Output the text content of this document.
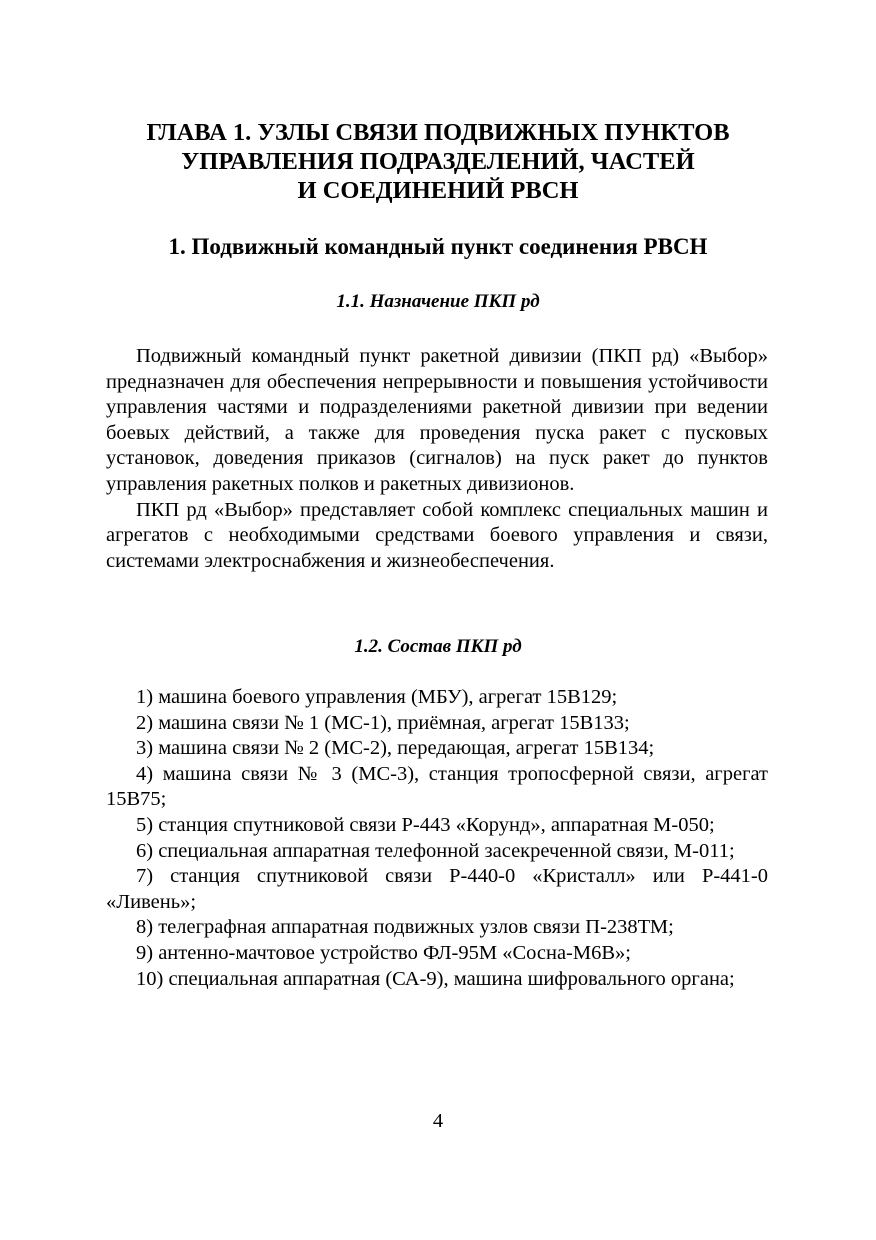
ГЛАВА 1. УЗЛЫ СВЯЗИ ПОДВИЖНЫХ ПУНКТОВ
УПРАВЛЕНИЯ ПОДРАЗДЕЛЕНИЙ, ЧАСТЕЙ
И СОЕДИНЕНИЙ РВСН
1. Подвижный командный пункт соединения РВСН
1.1. Назначение ПКП рд

Подвижный командный пункт ракетной дивизии (ПКП рд) «Выбор» предназначен для обеспечения непрерывности и повышения устойчивости управления частями и подразделениями ракетной дивизии при ведении боевых действий, а также для проведения пуска ракет с пусковых установок, доведения приказов (сигналов) на пуск ракет до пунктов управления ракетных полков и ракетных дивизионов.

ПКП рд «Выбор» представляет собой комплекс специальных машин и агрегатов с необходимыми средствами боевого управления и связи, системами электроснабжения и жизнеобеспечения.

1.2. Состав ПКП рд

1) машина боевого управления (МБУ), агрегат 15В129;

2) машина связи № 1 (МС-1), приёмная, агрегат 15В133;

3) машина связи № 2 (МС-2), передающая, агрегат 15В134;

4) машина связи № 3 (МС-3), станция тропосферной связи, агрегат 15В75;

5) станция спутниковой связи Р-443 «Корунд», аппаратная М-050;

6) специальная аппаратная телефонной засекреченной связи, М-011;

7) станция спутниковой связи Р-440-0 «Кристалл» или Р-441-0 «Ливень»;

8) телеграфная аппаратная подвижных узлов связи П-238ТМ;

9) антенно-мачтовое устройство ФЛ-95М «Сосна-М6В»;

10) специальная аппаратная (СА-9), машина шифровального органа;

4
